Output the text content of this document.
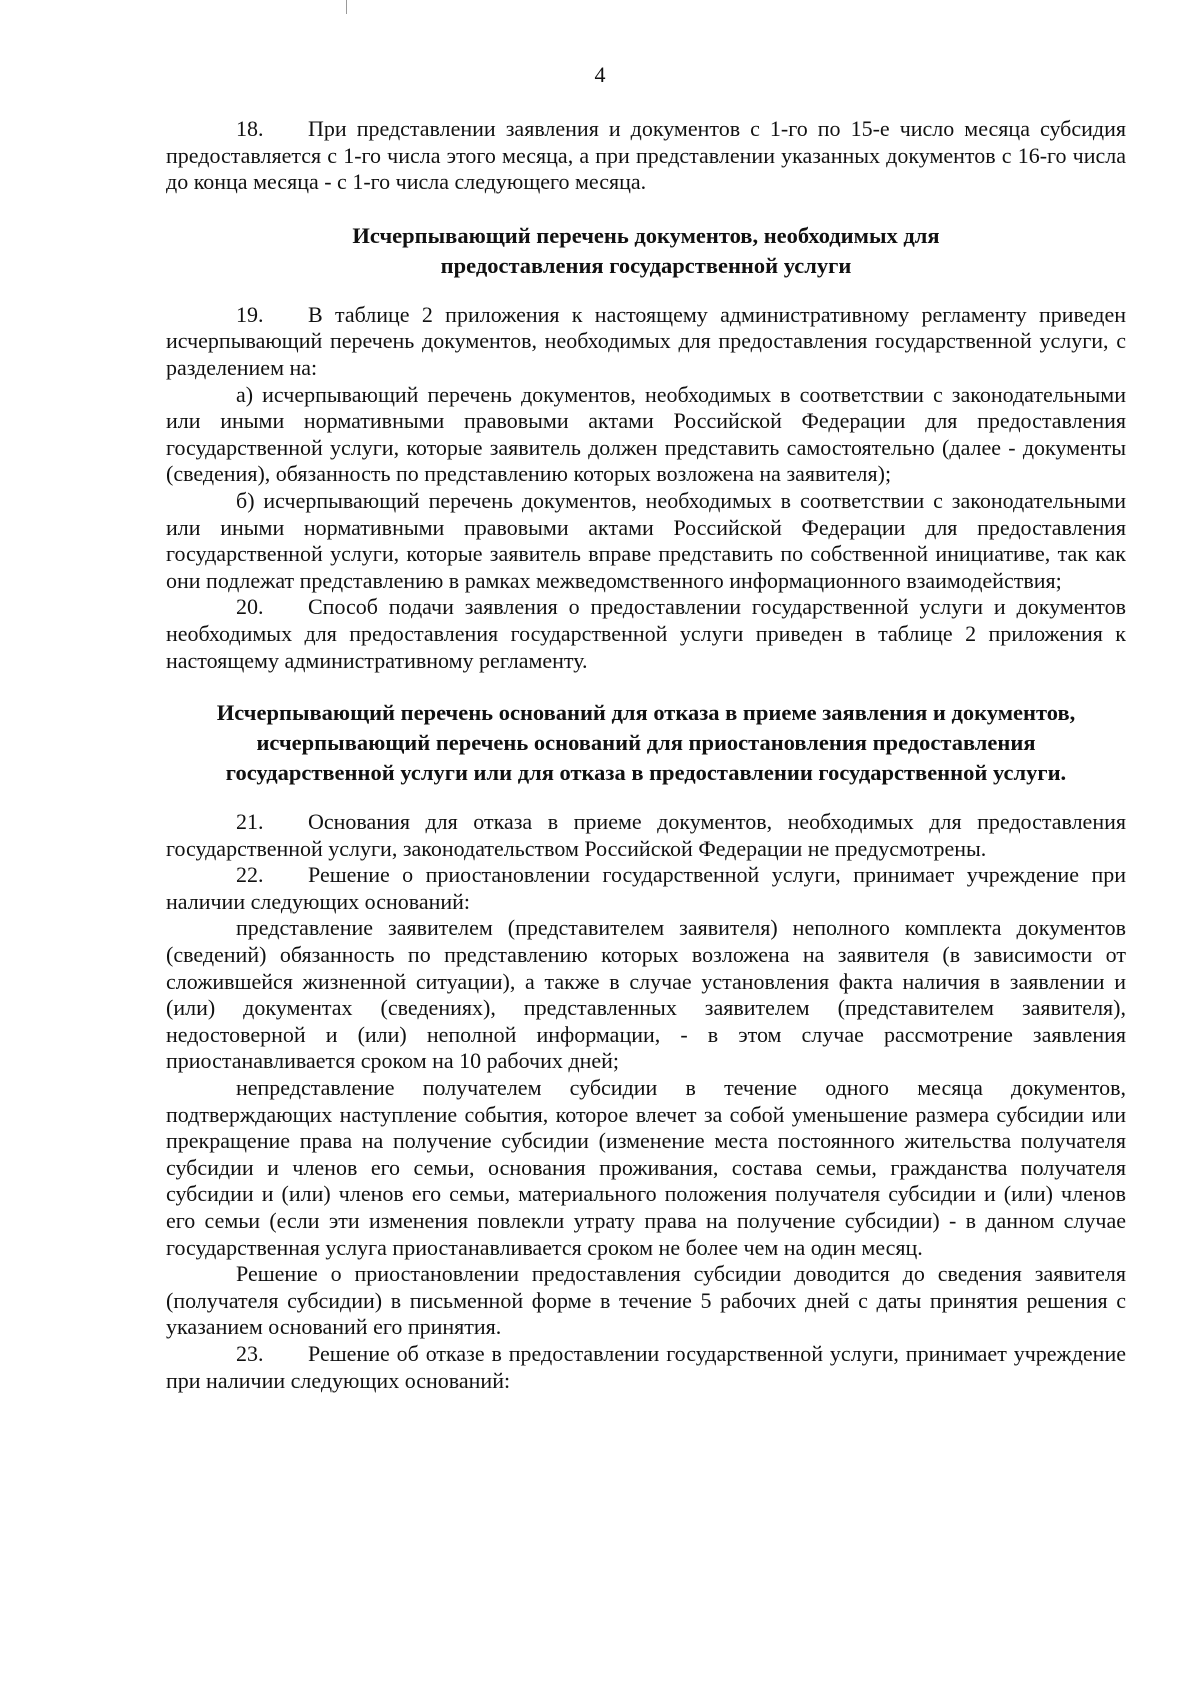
4

18. При представлении заявления и документов с 1-го по 15-е число месяца субсидия предоставляется с 1-го числа этого месяца, а при представлении указанных документов с 16-го числа до конца месяца - с 1-го числа следующего месяца.

Исчерпывающий перечень документов, необходимых для
предоставления государственной услуги

19. В таблице 2 приложения к настоящему административному регламенту приведен исчерпывающий перечень документов, необходимых для предоставления государственной услуги, с разделением на:

а) исчерпывающий перечень документов, необходимых в соответствии с законодательными или иными нормативными правовыми актами Российской Федерации для предоставления государственной услуги, которые заявитель должен представить самостоятельно (далее - документы (сведения), обязанность по представлению которых возложена на заявителя);

б) исчерпывающий перечень документов, необходимых в соответствии с законодательными или иными нормативными правовыми актами Российской Федерации для предоставления государственной услуги, которые заявитель вправе представить по собственной инициативе, так как они подлежат представлению в рамках межведомственного информационного взаимодействия;

20. Способ подачи заявления о предоставлении государственной услуги и документов необходимых для предоставления государственной услуги приведен в таблице 2 приложения к настоящему административному регламенту.

Исчерпывающий перечень оснований для отказа в приеме заявления и документов,
исчерпывающий перечень оснований для приостановления предоставления
государственной услуги или для отказа в предоставлении государственной услуги.

21. Основания для отказа в приеме документов, необходимых для предоставления государственной услуги, законодательством Российской Федерации не предусмотрены.

22. Решение о приостановлении государственной услуги, принимает учреждение при наличии следующих оснований:

представление заявителем (представителем заявителя) неполного комплекта документов (сведений) обязанность по представлению которых возложена на заявителя (в зависимости от сложившейся жизненной ситуации), а также в случае установления факта наличия в заявлении и (или) документах (сведениях), представленных заявителем (представителем заявителя), недостоверной и (или) неполной информации, - в этом случае рассмотрение заявления приостанавливается сроком на 10 рабочих дней;

непредставление получателем субсидии в течение одного месяца документов, подтверждающих наступление события, которое влечет за собой уменьшение размера субсидии или прекращение права на получение субсидии (изменение места постоянного жительства получателя субсидии и членов его семьи, основания проживания, состава семьи, гражданства получателя субсидии и (или) членов его семьи, материального положения получателя субсидии и (или) членов его семьи (если эти изменения повлекли утрату права на получение субсидии) - в данном случае государственная услуга приостанавливается сроком не более чем на один месяц.

Решение о приостановлении предоставления субсидии доводится до сведения заявителя (получателя субсидии) в письменной форме в течение 5 рабочих дней с даты принятия решения с указанием оснований его принятия.

23. Решение об отказе в предоставлении государственной услуги, принимает учреждение при наличии следующих оснований:
